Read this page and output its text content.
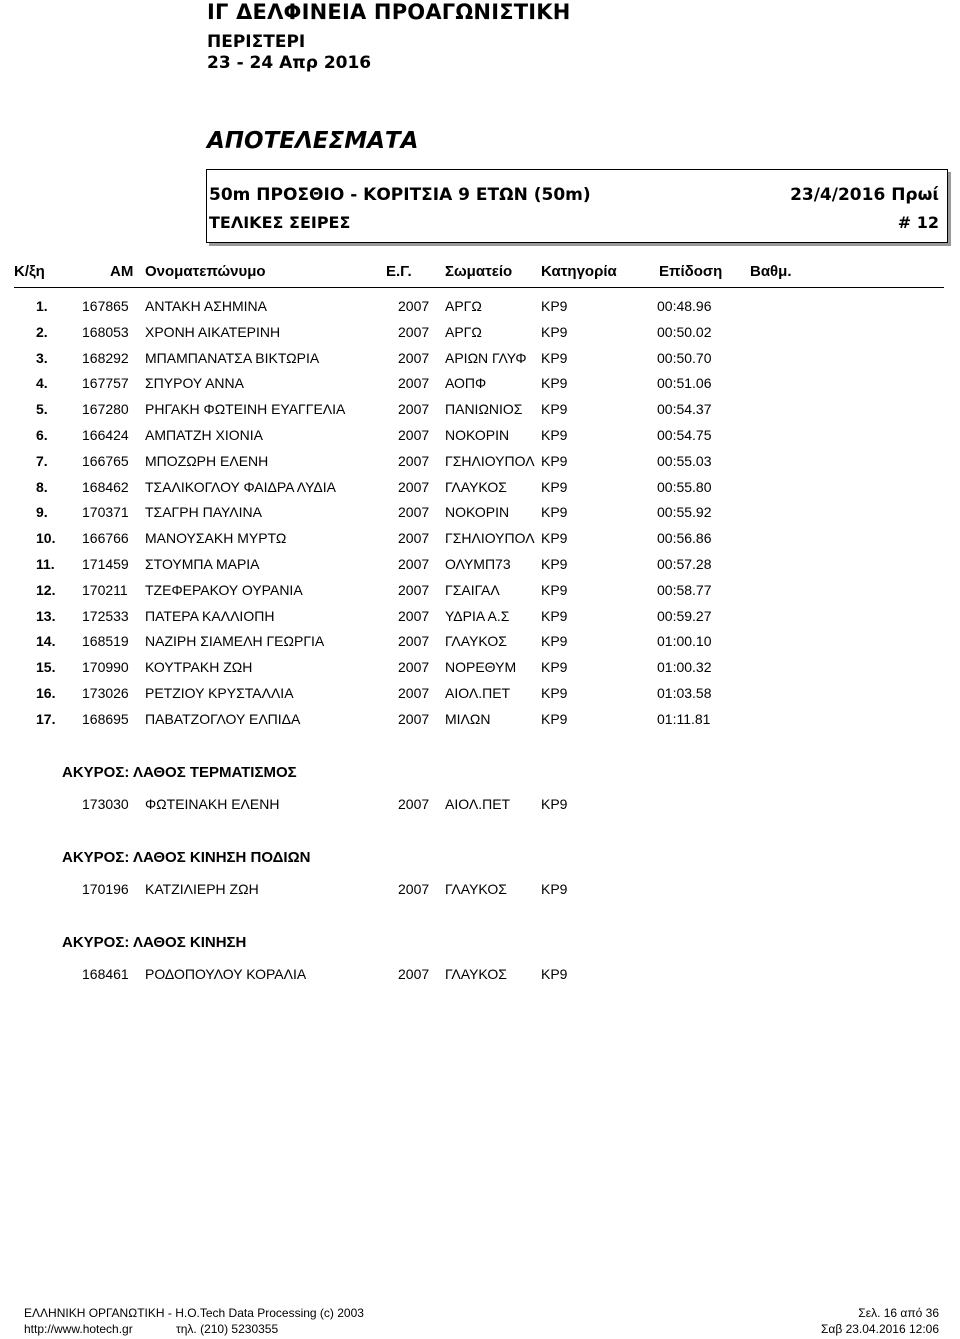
ΙΓ ΔΕΛΦΙΝΕΙΑ ΠΡΟΑΓΩΝΙΣΤΙΚΗ
ΠΕΡΙΣΤΕΡΙ
23 - 24 Απρ 2016
ΑΠΟΤΕΛΕΣΜΑΤΑ
50m ΠΡΟΣΘΙΟ - ΚΟΡΙΤΣΙΑ 9 ΕΤΩΝ (50m)	23/4/2016 Πρωί
ΤΕΛΙΚΕΣ ΣΕΙΡΕΣ	# 12
Κ/ξη	ΑΜ Ονοματεπώνυμο	Ε.Γ. Σωματείο Κατηγορία	Επίδοση Βαθμ.
1. 167865 ΑΝΤΑΚΗ ΑΣΗΜΙΝΑ	2007 ΑΡΓΩ	ΚΡ9	00:48.96
2. 168053 ΧΡΟΝΗ ΑΙΚΑΤΕΡΙΝΗ	2007 ΑΡΓΩ	ΚΡ9	00:50.02
3. 168292 ΜΠΑΜΠΑΝΑΤΣΑ ΒΙΚΤΩΡΙΑ	2007 ΑΡΙΩΝ ΓΛΥΦ	ΚΡ9	00:50.70
4. 167757 ΣΠΥΡΟΥ ΑΝΝΑ	2007 ΑΟΠΦ	ΚΡ9	00:51.06
5. 167280 ΡΗΓΑΚΗ ΦΩΤΕΙΝΗ ΕΥΑΓΓΕΛΙΑ	2007 ΠΑΝΙΩΝΙΟΣ	ΚΡ9	00:54.37
6. 166424 ΑΜΠΑΤΖΗ ΧΙΟΝΙΑ	2007 ΝΟΚΟΡΙΝ	ΚΡ9	00:54.75
7. 166765 ΜΠΟΖΩΡΗ ΕΛΕΝΗ	2007 ΓΣΗΛΙΟΥΠΟΛ ΚΡ9	00:55.03
8. 168462 ΤΣΑΛΙΚΟΓΛΟΥ ΦΑΙΔΡΑ ΛΥΔΙΑ	2007 ΓΛΑΥΚΟΣ	ΚΡ9	00:55.80
9. 170371 ΤΣΑΓΡΗ ΠΑΥΛΙΝΑ	2007 ΝΟΚΟΡΙΝ	ΚΡ9	00:55.92
10. 166766 ΜΑΝΟΥΣΑΚΗ ΜΥΡΤΩ	2007 ΓΣΗΛΙΟΥΠΟΛ ΚΡ9	00:56.86
11. 171459 ΣΤΟΥΜΠΑ ΜΑΡΙΑ	2007 ΟΛΥΜΠ73	ΚΡ9	00:57.28
12. 170211 ΤΖΕΦΕΡΑΚΟΥ ΟΥΡΑΝΙΑ	2007 ΓΣΑΙΓΑΛ	ΚΡ9	00:58.77
13. 172533 ΠΑΤΕΡΑ ΚΑΛΛΙΟΠΗ	2007 ΥΔΡΙΑ Α.Σ	ΚΡ9	00:59.27
14. 168519 ΝΑΖΙΡΗ ΣΙΑΜΕΛΗ ΓΕΩΡΓΙΑ	2007 ΓΛΑΥΚΟΣ	ΚΡ9	01:00.10
15. 170990 ΚΟΥΤΡΑΚΗ ΖΩΗ	2007 ΝΟΡΕΘΥΜ	ΚΡ9	01:00.32
16. 173026 ΡΕΤΖΙΟΥ ΚΡΥΣΤΑΛΛΙΑ	2007 ΑΙΟΛ.ΠΕΤ	ΚΡ9	01:03.58
17. 168695 ΠΑΒΑΤΖΟΓΛΟΥ ΕΛΠΙΔΑ	2007 ΜΙΛΩΝ	ΚΡ9	01:11.81
ΑΚΥΡΟΣ: ΛΑΘΟΣ ΤΕΡΜΑΤΙΣΜΟΣ
173030 ΦΩΤΕΙΝΑΚΗ ΕΛΕΝΗ	2007 ΑΙΟΛ.ΠΕΤ	ΚΡ9
ΑΚΥΡΟΣ: ΛΑΘΟΣ ΚΙΝΗΣΗ ΠΟΔΙΩΝ
170196 ΚΑΤΖΙΛΙΕΡΗ ΖΩΗ	2007 ΓΛΑΥΚΟΣ	ΚΡ9
ΑΚΥΡΟΣ: ΛΑΘΟΣ ΚΙΝΗΣΗ
168461 ΡΟΔΟΠΟΥΛΟΥ ΚΟΡΑΛΙΑ	2007 ΓΛΑΥΚΟΣ	ΚΡ9
ΕΛΛΗΝΙΚΗ ΟΡΓΑΝΩΤΙΚΗ - Η.Ο.Tech Data Processing (c) 2003
http://www.hotech.gr	τηλ. (210) 5230355
Σελ. 16 από 36
Σαβ 23.04.2016 12:06
